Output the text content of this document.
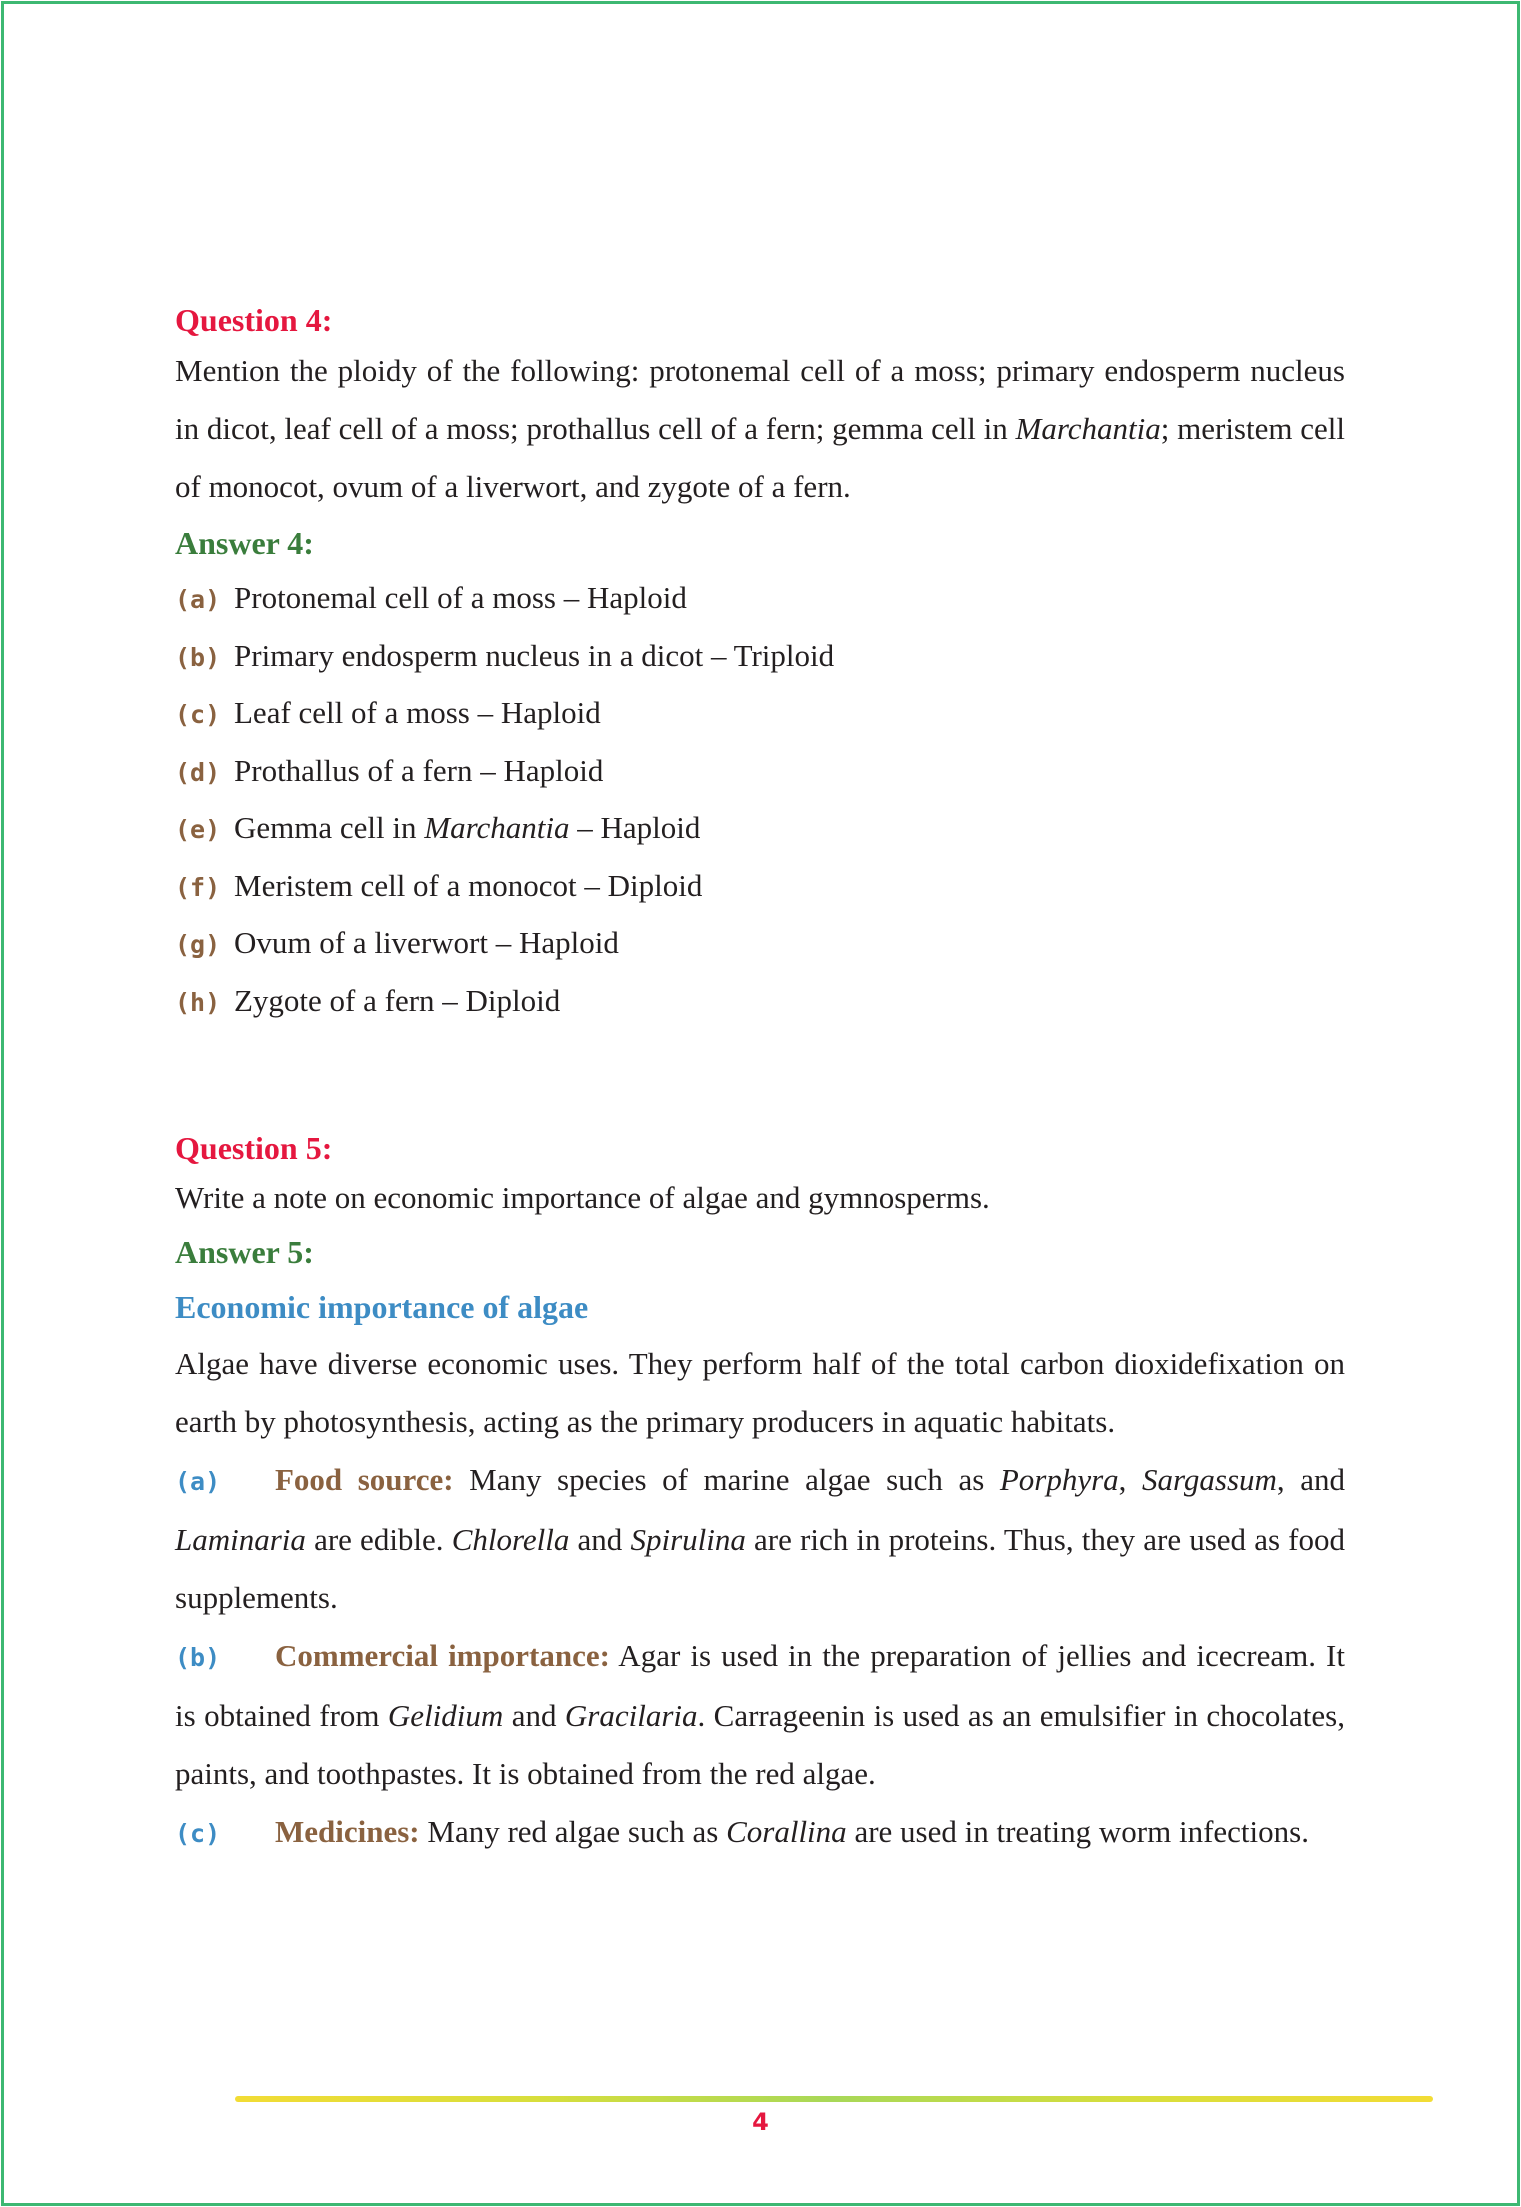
Question 4:

Mention the ploidy of the following: protonemal cell of a moss; primary endosperm nucleus in dicot, leaf cell of a moss; prothallus cell of a fern; gemma cell in Marchantia; meristem cell of monocot, ovum of a liverwort, and zygote of a fern.

Answer 4:
(a) Protonemal cell of a moss – Haploid
(b) Primary endosperm nucleus in a dicot – Triploid
(c) Leaf cell of a moss – Haploid
(d) Prothallus of a fern – Haploid
(e) Gemma cell in Marchantia – Haploid
(f) Meristem cell of a monocot – Diploid
(g) Ovum of a liverwort – Haploid
(h) Zygote of a fern – Diploid
Question 5:
Write a note on economic importance of algae and gymnosperms.
Answer 5:
Economic importance of algae

Algae have diverse economic uses. They perform half of the total carbon dioxidefixation on earth by photosynthesis, acting as the primary producers in aquatic habitats.

(a) Food source: Many species of marine algae such as Porphyra, Sargassum, and Laminaria are edible. Chlorella and Spirulina are rich in proteins. Thus, they are used as food supplements.

(b) Commercial importance: Agar is used in the preparation of jellies and icecream. It is obtained from Gelidium and Gracilaria. Carrageenin is used as an emulsifier in chocolates, paints, and toothpastes. It is obtained from the red algae.

(c) Medicines: Many red algae such as Corallina are used in treating worm infections.

4
